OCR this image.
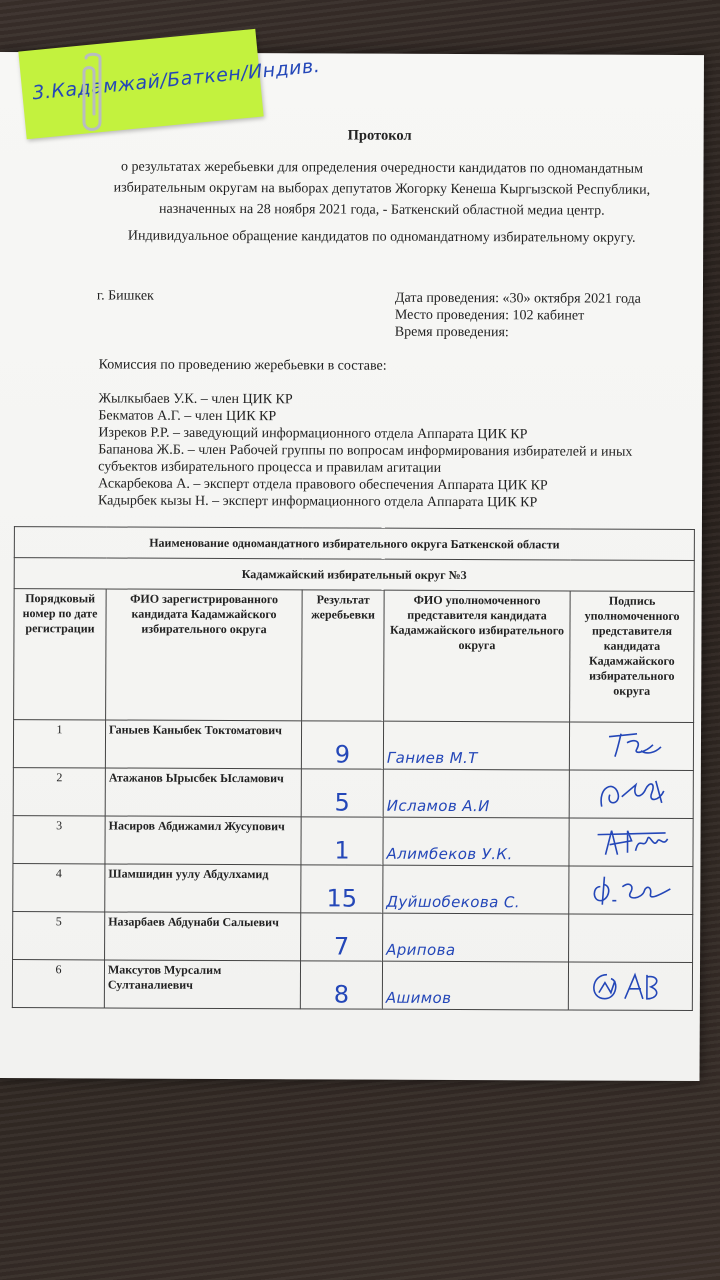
Протокол
о результатах жеребьевки для определения очередности кандидатов по одномандатным избирательным округам на выборах депутатов Жогорку Кенеша Кыргызской Республики, назначенных на 28 ноября 2021 года, - Баткенский областной медиа центр.
Индивидуальное обращение кандидатов по одномандатному избирательному округу.
г. Бишкек	Дата проведения: «30» октября 2021 года
Место проведения: 102 кабинет
Время проведения:
Комиссия по проведению жеребьевки в составе:
Жылкыбаев У.К. – член ЦИК КР
Бекматов А.Г. – член ЦИК КР
Изреков Р.Р. – заведующий информационного отдела Аппарата ЦИК КР
Бапанова Ж.Б. – член Рабочей группы по вопросам информирования избирателей и иных субъектов избирательного процесса и правилам агитации
Аскарбекова А. – эксперт отдела правового обеспечения Аппарата ЦИК КР
Кадырбек кызы Н. – эксперт информационного отдела Аппарата ЦИК КР
Наименование одномандатного избирательного округа Баткенской области				
Кадамжайский избирательный округ №3				
Порядковый номер по дате регистрации	ФИО зарегистрированного кандидата Кадамжайского избирательного округа	Результат жеребьевки	ФИО уполномоченного представителя кандидата Кадамжайского избирательного округа	Подпись уполномоченного представителя кандидата Кадамжайского избирательного округа
1	Ганыев Каныбек Токтоматович	9	Ганиев М.Т	

2	Атажанов Ырысбек Ысламович	5	Исламов А.И	

3	Насиров Абдижамил Жусупович	1	Алимбеков У.К.	

4	Шамшидин уулу Абдулхамид	15	Дуйшобекова С.	

5	Назарбаев Абдунаби Салыевич	7	Арипова	
6	Максутов Мурсалим Султаналиевич	8	Ашимов	
3.Кадамжай/Баткен/Индив.
